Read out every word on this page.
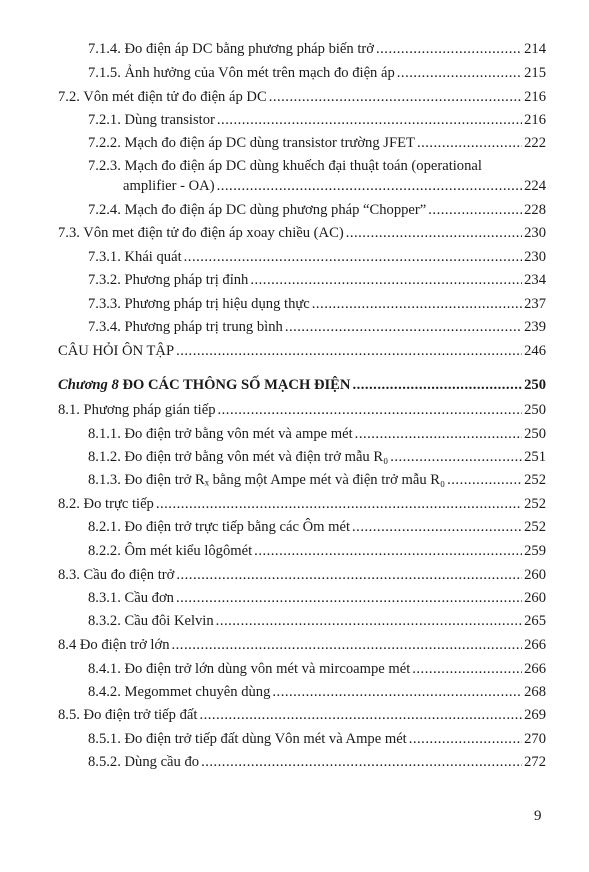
7.1.4. Đo điện áp DC bằng phương pháp biến trở .....	214
7.1.5. Ảnh hưởng của Vôn mét trên mạch đo điện áp .....	215
7.2. Vôn mét điện tử đo điện áp DC .....	216
7.2.1. Dùng transistor .....	216
7.2.2. Mạch đo điện áp DC dùng transistor trường JFET .....	222
7.2.3. Mạch đo điện áp DC dùng khuếch đại thuật toán (operational
amplifier - OA) .....	224
7.2.4. Mạch đo điện áp DC dùng phương pháp “Chopper” .....	228
7.3. Vôn met điện tử đo điện áp xoay chiều (AC) .....	230
7.3.1. Khái quát .....	230
7.3.2. Phương pháp trị đỉnh .....	234
7.3.3. Phương pháp trị hiệu dụng thực .....	237
7.3.4. Phương pháp trị trung bình .....	239
CÂU HỎI ÔN TẬP .....	246
Chương 8 ĐO CÁC THÔNG SỐ MẠCH ĐIỆN .....	250
8.1. Phương pháp gián tiếp .....	250
8.1.1. Đo điện trở bằng vôn mét và ampe mét .....	250
8.1.2. Đo điện trở bằng vôn mét và điện trở mẫu R₀ .....	251
8.1.3. Đo điện trở Rₓ bằng một Ampe mét và điện trở mẫu R₀ .....	252
8.2. Đo trực tiếp .....	252
8.2.1. Đo điện trở trực tiếp bằng các Ôm mét .....	252
8.2.2. Ôm mét kiểu lôgômét .....	259
8.3. Cầu đo điện trở .....	260
8.3.1. Cầu đơn .....	260
8.3.2. Cầu đôi Kelvin .....	265
8.4 Đo điện trở lớn .....	266
8.4.1. Đo điện trở lớn dùng vôn mét và mircoampe mét .....	266
8.4.2. Megommet chuyên dùng .....	268
8.5. Đo điện trở tiếp đất .....	269
8.5.1. Đo điện trở tiếp đất dùng Vôn mét và Ampe mét .....	270
8.5.2. Dùng cầu đo .....	272
9
